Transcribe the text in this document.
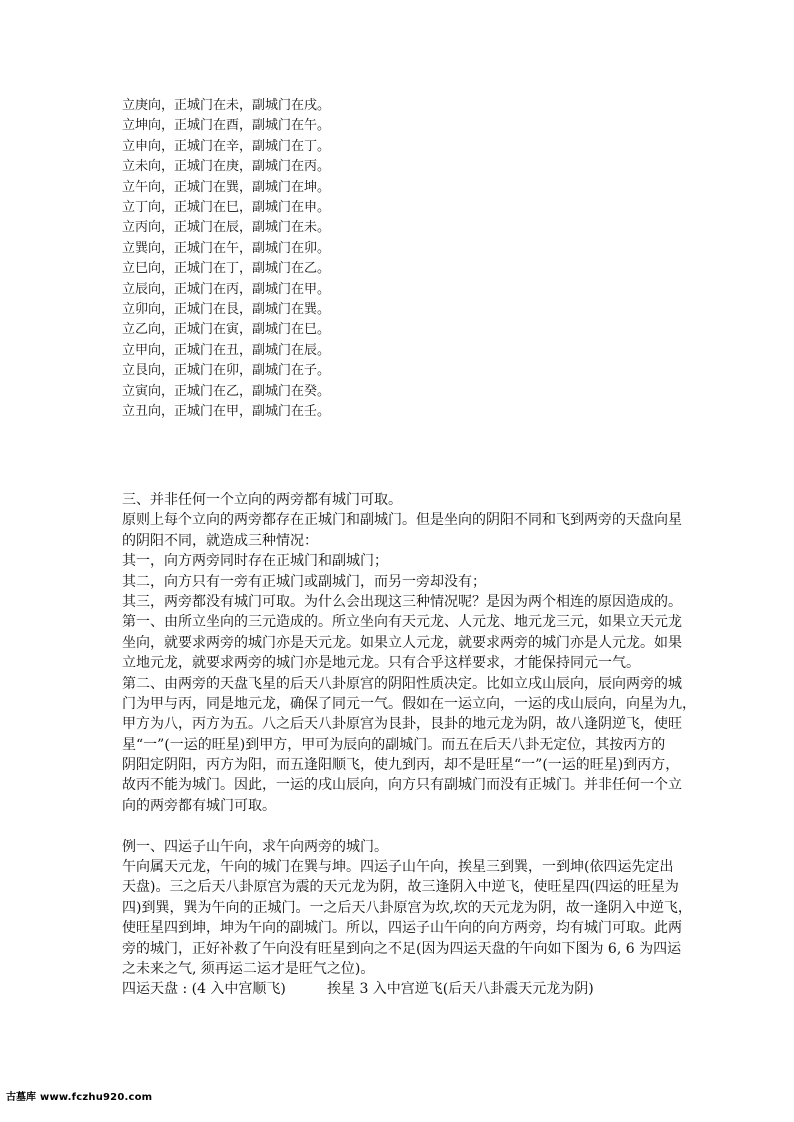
立庚向，正城门在未，副城门在戌。
立坤向，正城门在酉，副城门在午。
立申向，正城门在辛，副城门在丁。
立未向，正城门在庚，副城门在丙。
立午向，正城门在巽，副城门在坤。
立丁向，正城门在巳，副城门在申。
立丙向，正城门在辰，副城门在未。
立巽向，正城门在午，副城门在卯。
立巳向，正城门在丁，副城门在乙。
立辰向，正城门在丙，副城门在甲。
立卯向，正城门在艮，副城门在巽。
立乙向，正城门在寅，副城门在巳。
立甲向，正城门在丑，副城门在辰。
立艮向，正城门在卯，副城门在子。
立寅向，正城门在乙，副城门在癸。
立丑向，正城门在甲，副城门在壬。
三、并非任何一个立向的两旁都有城门可取。
原则上每个立向的两旁都存在正城门和副城门。但是坐向的阴阳不同和飞到两旁的天盘向星
的阴阳不同，就造成三种情况：
其一，向方两旁同时存在正城门和副城门；
其二，向方只有一旁有正城门或副城门，而另一旁却没有；
其三，两旁都没有城门可取。为什么会出现这三种情况呢？是因为两个相连的原因造成的。
第一、由所立坐向的三元造成的。所立坐向有天元龙、人元龙、地元龙三元，如果立天元龙
坐向，就要求两旁的城门亦是天元龙。如果立人元龙，就要求两旁的城门亦是人元龙。如果
立地元龙，就要求两旁的城门亦是地元龙。只有合乎这样要求，才能保持同元一气。
第二、由两旁的天盘飞星的后天八卦原宫的阴阳性质决定。比如立戌山辰向，辰向两旁的城
门为甲与丙，同是地元龙，确保了同元一气。假如在一运立向，一运的戌山辰向，向星为九，
甲方为八，丙方为五。八之后天八卦原宫为艮卦，艮卦的地元龙为阴，故八逢阴逆飞，使旺
星“一”(一运的旺星)到甲方，甲可为辰向的副城门。而五在后天八卦无定位，其按丙方的
阴阳定阴阳，丙方为阳，而五逢阳顺飞，使九到丙，却不是旺星“一”(一运的旺星)到丙方，
故丙不能为城门。因此，一运的戌山辰向，向方只有副城门而没有正城门。并非任何一个立
向的两旁都有城门可取。
例一、四运子山午向，求午向两旁的城门。
午向属天元龙，午向的城门在巽与坤。四运子山午向，挨星三到巽，一到坤(依四运先定出
天盘)。三之后天八卦原宫为震的天元龙为阴，故三逢阴入中逆飞，使旺星四(四运的旺星为
四)到巽，巽为午向的正城门。一之后天八卦原宫为坎,坎的天元龙为阴，故一逢阴入中逆飞，
使旺星四到坤，坤为午向的副城门。所以，四运子山午向的向方两旁，均有城门可取。此两
旁的城门，正好补救了午向没有旺星到向之不足(因为四运天盘的午向如下图为 6, 6 为四运
之未来之气, 须再运二运才是旺气之位)。
四运天盘 : (4 入中宫顺飞)	挨星 3 入中宫逆飞(后天八卦震天元龙为阴)
古墓库 www.fczhu920.com
